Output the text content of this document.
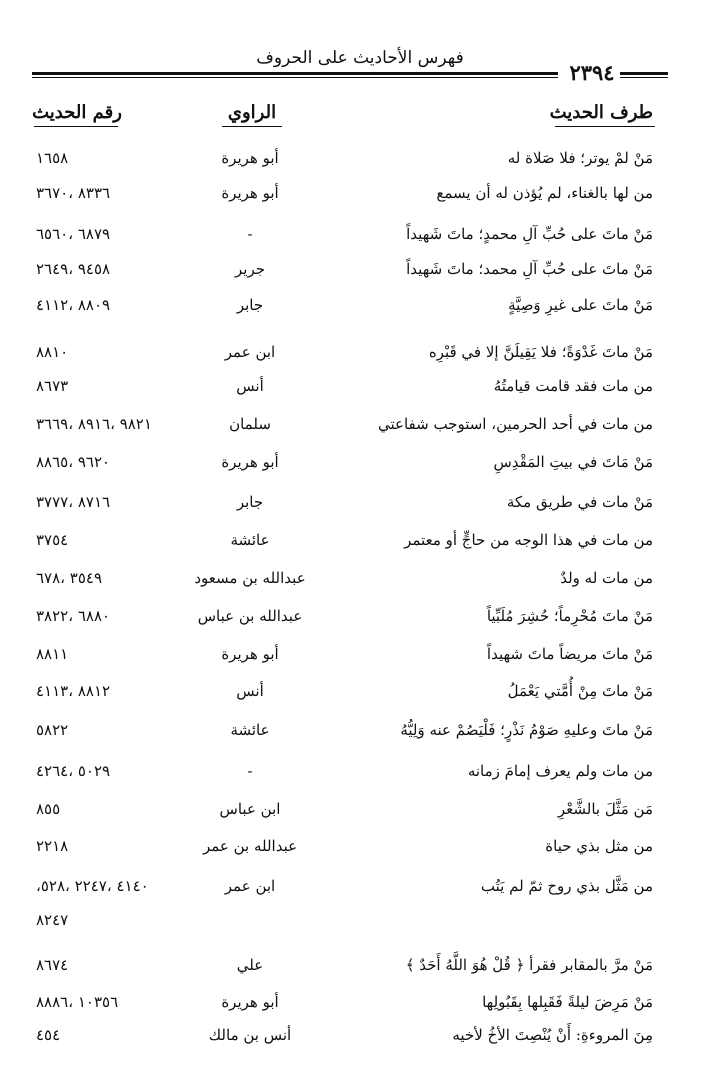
فهرس الأحاديث على الحروف
٢٣٩٤
طرف الحديث
الراوي
رقم الحديث
مَنْ لمْ يوتر؛ فلا صَلاة له
أبو هريرة
١٦٥٨
من لها بالغناء، لم يُؤذن له أن يسمع
أبو هريرة
٨٣٣٦ ،٣٦٧٠
مَنْ ماتَ على حُبِّ آلِ محمدٍ؛ ماتَ شَهيداً
-
٦٨٧٩ ،٦٥٦٠
مَنْ ماتَ على حُبِّ آلِ محمد؛ ماتَ شَهيداً
جرير
٩٤٥٨ ،٢٦٤٩
مَنْ ماتَ على غيرِ وَصِيَّةٍ
جابر
٨٨٠٩ ،٤١١٢
مَنْ ماتَ غَدْوَةً؛ فلا يَقِيلَنَّ إلا في قَبْرِه
ابن عمر
٨٨١٠
من مات فقد قامت قيامتُهُ
أنس
٨٦٧٣
من مات في أحد الحرمين، استوجب شفاعتي
سلمان
٩٨٢١ ،٨٩١٦ ،٣٦٦٩
مَنْ مَاتَ في بيتِ المَقْدِسِ
أبو هريرة
٩٦٢٠ ،٨٨٦٥
مَنْ مات في طريق مكة
جابر
٨٧١٦ ،٣٧٧٧
من مات في هذا الوجه من حاجٍّ أو معتمر
عائشة
٣٧٥٤
من مات له ولدٌ
عبدالله بن مسعود
٣٥٤٩ ،٦٧٨
مَنْ ماتَ مُحْرِماً؛ حُشِرَ مُلَبِّياً
عبدالله بن عباس
٦٨٨٠ ،٣٨٢٢
مَنْ ماتَ مريضاً ماتَ شهيداً
أبو هريرة
٨٨١١
مَنْ ماتَ مِنْ أُمَّتي يَعْمَلُ
أنس
٨٨١٢ ،٤١١٣
مَنْ ماتَ وعليهِ صَوْمُ نَذْرٍ؛ فَلْيَصُمْ عنه وَلِيُّهُ
عائشة
٥٨٢٢
من مات ولم يعرف إمامَ زمانه
-
٥٠٢٩ ،٤٢٦٤
مَن مَثَّلَ بالشَّعْرِ
ابن عباس
٨٥٥
من مثل بذي حياة
عبدالله بن عمر
٢٢١٨
من مَثَّل بذي روح ثمّ لم يَتُب
ابن عمر
٤١٤٠ ،٢٢٤٧ ،٥٢٨،
٨٢٤٧
مَنْ مرَّ بالمقابر فقرأ ﴿ قُلْ هُوَ اللَّهُ أَحَدٌ ﴾
علي
٨٦٧٤
مَنْ مَرِضَ ليلةً فَقَبِلها بِقَبُولِها
أبو هريرة
١٠٣٥٦ ،٨٨٨٦
مِنَ المروءةِ: أَنْ يُنْصِتَ الأخُ لأخيه
أنس بن مالك
٤٥٤
